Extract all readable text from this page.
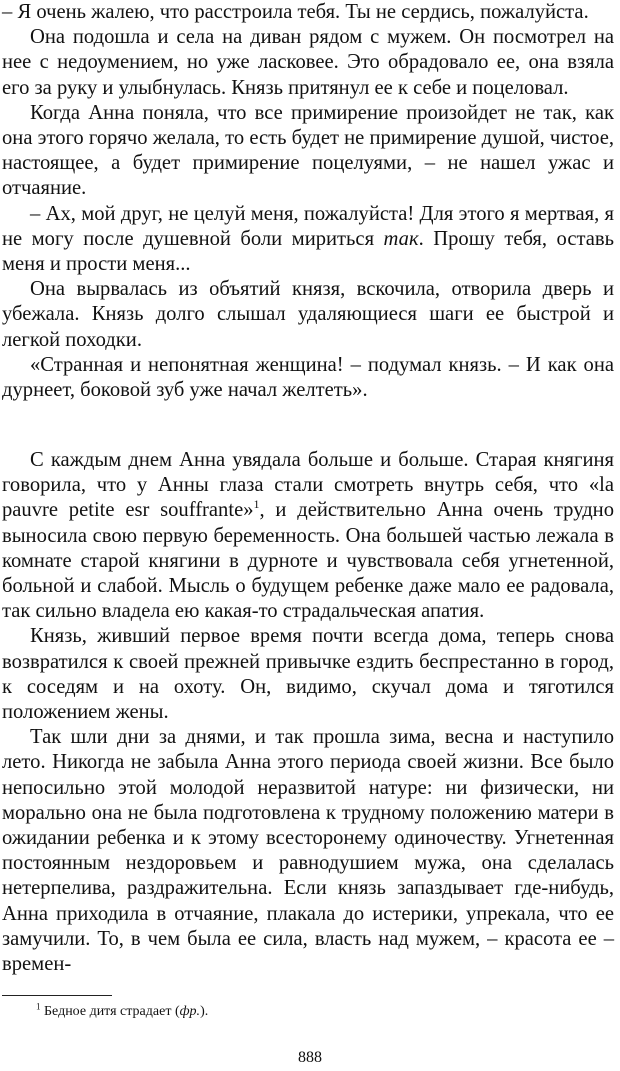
– Я очень жалею, что расстроила тебя. Ты не сердись, пожалуйста.

Она подошла и села на диван рядом с мужем. Он посмотрел на нее с недоумением, но уже ласковее. Это обрадовало ее, она взяла его за руку и улыбнулась. Князь притянул ее к себе и поцеловал.

Когда Анна поняла, что все примирение произойдет не так, как она этого горячо желала, то есть будет не примирение душой, чистое, настоящее, а будет примирение поцелуями, – не нашел ужас и отчаяние.

– Ах, мой друг, не целуй меня, пожалуйста! Для этого я мертвая, я не могу после душевной боли мириться так. Прошу тебя, оставь меня и прости меня...

Она вырвалась из объятий князя, вскочила, отворила дверь и убежала. Князь долго слышал удаляющиеся шаги ее быстрой и легкой походки.

«Странная и непонятная женщина! – подумал князь. – И как она дурнеет, боковой зуб уже начал желтеть».

С каждым днем Анна увядала больше и больше. Старая княгиня говорила, что у Анны глаза стали смотреть внутрь себя, что «la pauvre petite esr souffrante»$^1$, и действительно Анна очень трудно выносила свою первую беременность. Она большей частью лежала в комнате старой княгини в дурноте и чувствовала себя угнетенной, больной и слабой. Мысль о будущем ребенке даже мало ее радовала, так сильно владела ею какая-то страдальческая апатия.

Князь, живший первое время почти всегда дома, теперь снова возвратился к своей прежней привычке ездить беспрестанно в город, к соседям и на охоту. Он, видимо, скучал дома и тяготился положением жены.

Так шли дни за днями, и так прошла зима, весна и наступило лето. Никогда не забыла Анна этого периода своей жизни. Все было непосильно этой молодой неразвитой натуре: ни физически, ни морально она не была подготовлена к трудному положению матери в ожидании ребенка и к этому всесторонему одиночеству. Угнетенная постоянным нездоровьем и равнодушием мужа, она сделалась нетерпелива, раздражительна. Если князь запаздывает где-нибудь, Анна приходила в отчаяние, плакала до истерики, упрекала, что ее замучили. То, в чем была ее сила, власть над мужем, – красота ее – времен-

$^1$ Бедное дитя страдает (фр.).
888
